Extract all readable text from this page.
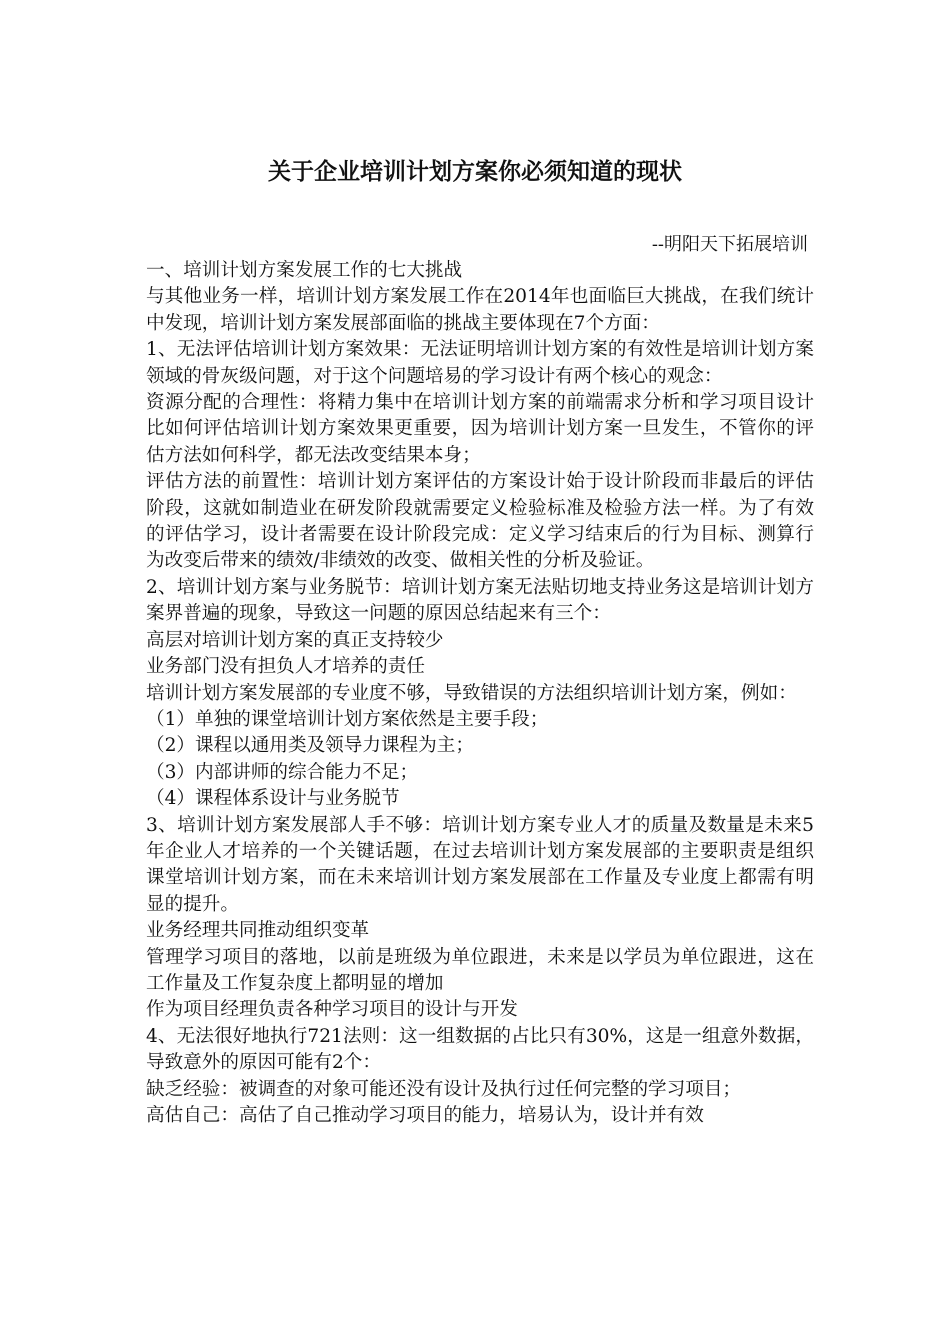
关于企业培训计划方案你必须知道的现状

--明阳天下拓展培训

一、培训计划方案发展工作的七大挑战

与其他业务一样，培训计划方案发展工作在2014年也面临巨大挑战，在我们统计中发现，培训计划方案发展部面临的挑战主要体现在7个方面：

1、无法评估培训计划方案效果：无法证明培训计划方案的有效性是培训计划方案领域的骨灰级问题，对于这个问题培易的学习设计有两个核心的观念：

资源分配的合理性：将精力集中在培训计划方案的前端需求分析和学习项目设计比如何评估培训计划方案效果更重要，因为培训计划方案一旦发生，不管你的评估方法如何科学，都无法改变结果本身；

评估方法的前置性：培训计划方案评估的方案设计始于设计阶段而非最后的评估阶段，这就如制造业在研发阶段就需要定义检验标准及检验方法一样。为了有效的评估学习，设计者需要在设计阶段完成：定义学习结束后的行为目标、测算行为改变后带来的绩效/非绩效的改变、做相关性的分析及验证。

2、培训计划方案与业务脱节：培训计划方案无法贴切地支持业务这是培训计划方案界普遍的现象，导致这一问题的原因总结起来有三个：

高层对培训计划方案的真正支持较少

业务部门没有担负人才培养的责任

培训计划方案发展部的专业度不够，导致错误的方法组织培训计划方案，例如：

（1）单独的课堂培训计划方案依然是主要手段；

（2）课程以通用类及领导力课程为主；

（3）内部讲师的综合能力不足；

（4）课程体系设计与业务脱节

3、培训计划方案发展部人手不够：培训计划方案专业人才的质量及数量是未来5年企业人才培养的一个关键话题，在过去培训计划方案发展部的主要职责是组织课堂培训计划方案，而在未来培训计划方案发展部在工作量及专业度上都需有明显的提升。

业务经理共同推动组织变革

管理学习项目的落地，以前是班级为单位跟进，未来是以学员为单位跟进，这在工作量及工作复杂度上都明显的增加

作为项目经理负责各种学习项目的设计与开发

4、无法很好地执行721法则：这一组数据的占比只有30%，这是一组意外数据，导致意外的原因可能有2个：

缺乏经验：被调查的对象可能还没有设计及执行过任何完整的学习项目；

高估自己：高估了自己推动学习项目的能力，培易认为，设计并有效
